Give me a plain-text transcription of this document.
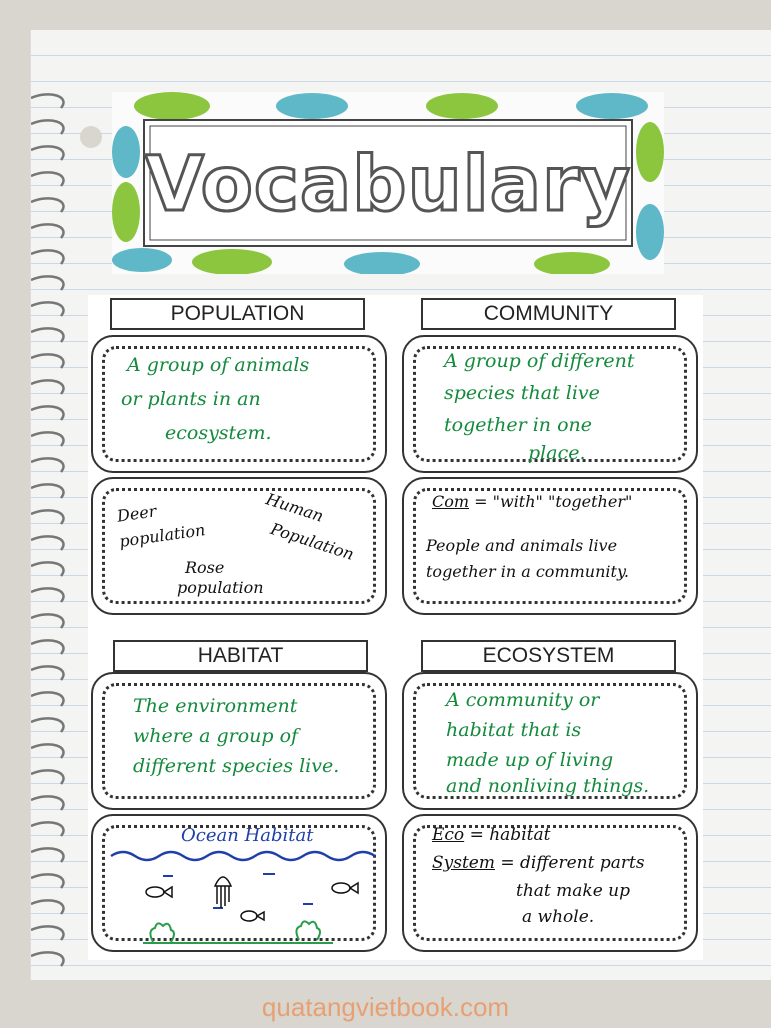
Vocabulary
POPULATION
A group of animals
or plants in an
ecosystem.
Deer
population
Human
Population
Rose
population
COMMUNITY
A group of different
species that live
together in one
place.
Com = "with" "together"
People and animals live
together in a community.
HABITAT
The environment
where a group of
different species live.
Ocean Habitat
ECOSYSTEM
A community or
habitat that is
made up of living
and nonliving things.
Eco = habitat
System = different parts
that make up
a whole.
quatangvietbook.com
